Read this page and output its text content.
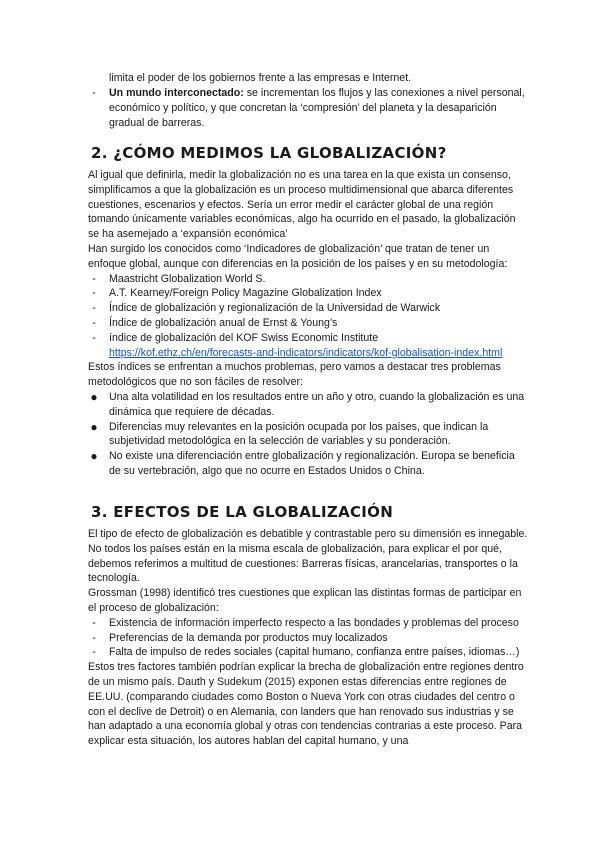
limita el poder de los gobiernos frente a las empresas e Internet.

-	Un mundo interconectado: se incrementan los flujos y las conexiones a nivel personal, económico y político, y que concretan la ‘compresión’ del planeta y la desaparición gradual de barreras.
2. ¿CÓMO MEDIMOS LA GLOBALIZACIÓN?

Al igual que definirla, medir la globalización no es una tarea en la que exista un consenso, simplificamos a que la globalización es un proceso multidimensional que abarca diferentes cuestiones, escenarios y efectos. Sería un error medir el carácter global de una región tomando únicamente variables económicas, algo ha ocurrido en el pasado, la globalización se ha asemejado a ‘expansión económica’

Han surgido los conocidos como ‘Indicadores de globalización’ que tratan de tener un enfoque global, aunque con diferencias en la posición de los países y en su metodología:

-	Maastricht Globalization World S.
-	A.T. Kearney/Foreign Policy Magazine Globalization Index
-	Índice de globalización y regionalización de la Universidad de Warwick
-	Índice de globalización anual de Ernst & Young’s
-	índice de globalización del KOF Swiss Economic Institute
https://kof.ethz.ch/en/forecasts-and-indicators/indicators/kof-globalisation-index.html

Estos índices se enfrentan a muchos problemas, pero vamos a destacar tres problemas metodológicos que no son fáciles de resolver:

● Una alta volatilidad en los resultados entre un año y otro, cuando la globalización es una dinámica que requiere de décadas.
● Diferencias muy relevantes en la posición ocupada por los países, que indican la subjetividad metodológica en la selección de variables y su ponderación.
● No existe una diferenciación entre globalización y regionalización. Europa se beneficia de su vertebración, algo que no ocurre en Estados Unidos o China.
3. EFECTOS DE LA GLOBALIZACIÓN

El tipo de efecto de globalización es debatible y contrastable pero su dimensión es innegable. No todos los países están en la misma escala de globalización, para explicar el por qué, debemos referimos a multitud de cuestiones: Barreras físicas, arancelarias, transportes o la tecnología.

Grossman (1998) identificó tres cuestiones que explican las distintas formas de participar en el proceso de globalización:

-	Existencia de información imperfecto respecto a las bondades y problemas del proceso
-	Preferencias de la demanda por productos muy localizados
-	Falta de impulso de redes sociales (capital humano, confianza entre países, idiomas…)

Estos tres factores también podrían explicar la brecha de globalización entre regiones dentro de un mismo país. Dauth y Sudekum (2015) exponen estas diferencias entre regiones de EE.UU. (comparando ciudades como Boston o Nueva York con otras ciudades del centro o con el declive de Detroit) o en Alemania, con landers que han renovado sus industrias y se han adaptado a una economía global y otras con tendencias contrarias a este proceso. Para explicar esta situación, los autores hablan del capital humano, y una
